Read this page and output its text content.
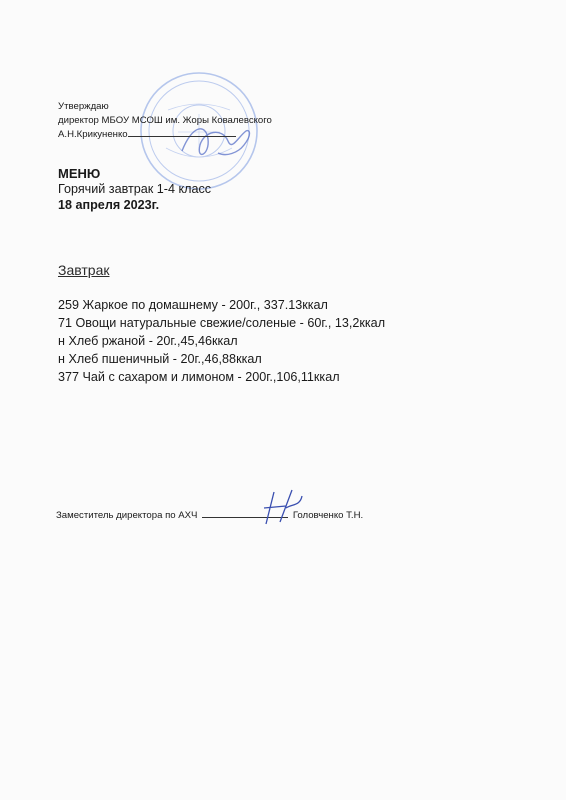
Утверждаю
директор МБОУ МСОШ им. Жоры Ковалевского
А.Н.Крикуненко
МЕНЮ
Горячий завтрак 1-4 класс
18 апреля 2023г.
Завтрак
259 Жаркое по домашнему - 200г., 337.13ккал
71 Овощи натуральные свежие/соленые - 60г., 13,2ккал
н Хлеб ржаной - 20г.,45,46ккал
н Хлеб пшеничный - 20г.,46,88ккал
377 Чай с сахаром и лимоном - 200г.,106,11ккал
Заместитель директора по АХЧ	Головченко Т.Н.
